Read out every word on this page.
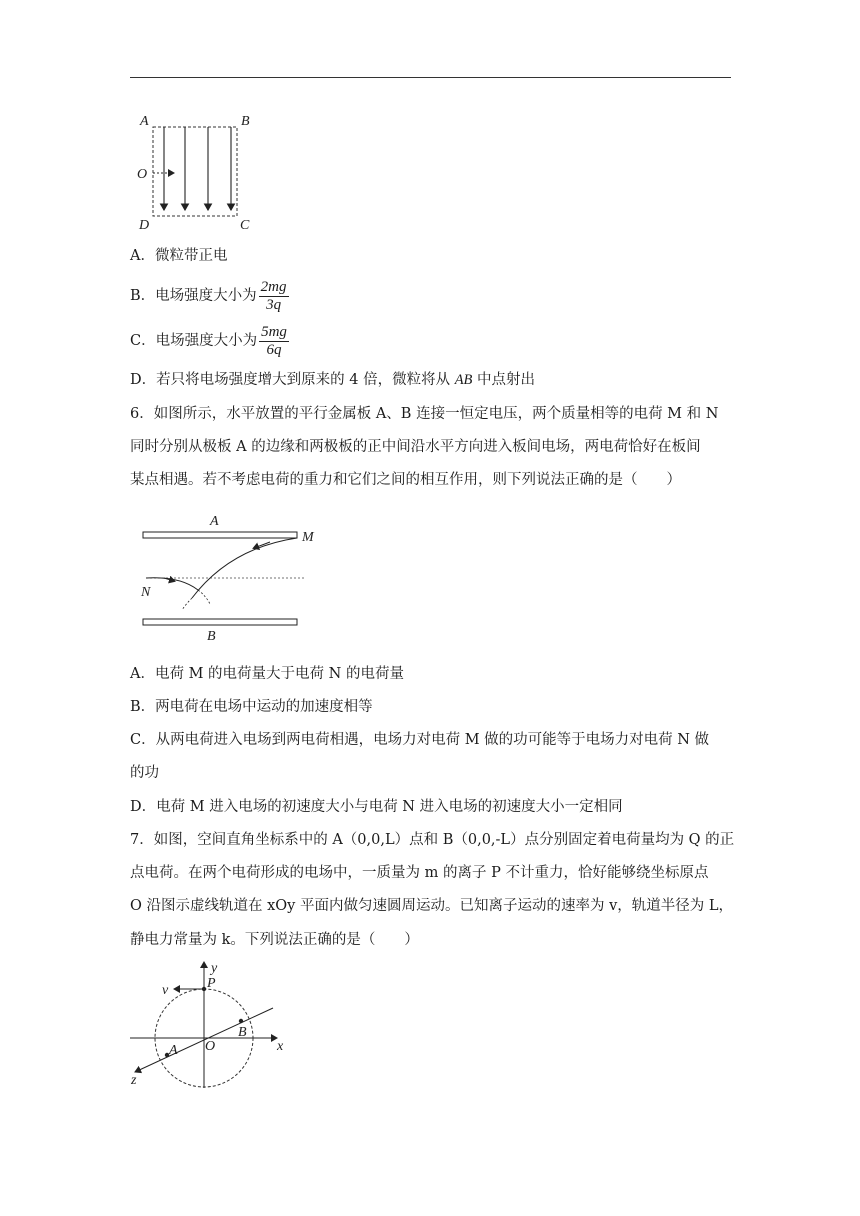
A	B
C
D
O
A．微粒带正电
B．电场强度大小为 $\frac{2mg}{3q}$
C．电场强度大小为 $\frac{5mg}{6q}$
D．若只将电场强度增大到原来的 4 倍，微粒将从 AB 中点射出
6．如图所示，水平放置的平行金属板 A、B 连接一恒定电压，两个质量相等的电荷 M 和 N
同时分别从极板 A 的边缘和两极板的正中间沿水平方向进入板间电场，两电荷恰好在板间
某点相遇。若不考虑电荷的重力和它们之间的相互作用，则下列说法正确的是（　　）
A
B
M
N
A．电荷 M 的电荷量大于电荷 N 的电荷量
B．两电荷在电场中运动的加速度相等
C．从两电荷进入电场到两电荷相遇，电场力对电荷 M 做的功可能等于电场力对电荷 N 做
的功
D．电荷 M 进入电场的初速度大小与电荷 N 进入电场的初速度大小一定相同
7．如图，空间直角坐标系中的 A（0,0,L）点和 B（0,0,-L）点分别固定着电荷量均为 Q 的正
点电荷。在两个电荷形成的电场中，一质量为 m 的离子 P 不计重力，恰好能够绕坐标原点
O 沿图示虚线轨道在 xOy 平面内做匀速圆周运动。已知离子运动的速率为 v，轨道半径为 L，
静电力常量为 k。下列说法正确的是（　　）
y
x
z
O
P
v
A
B
